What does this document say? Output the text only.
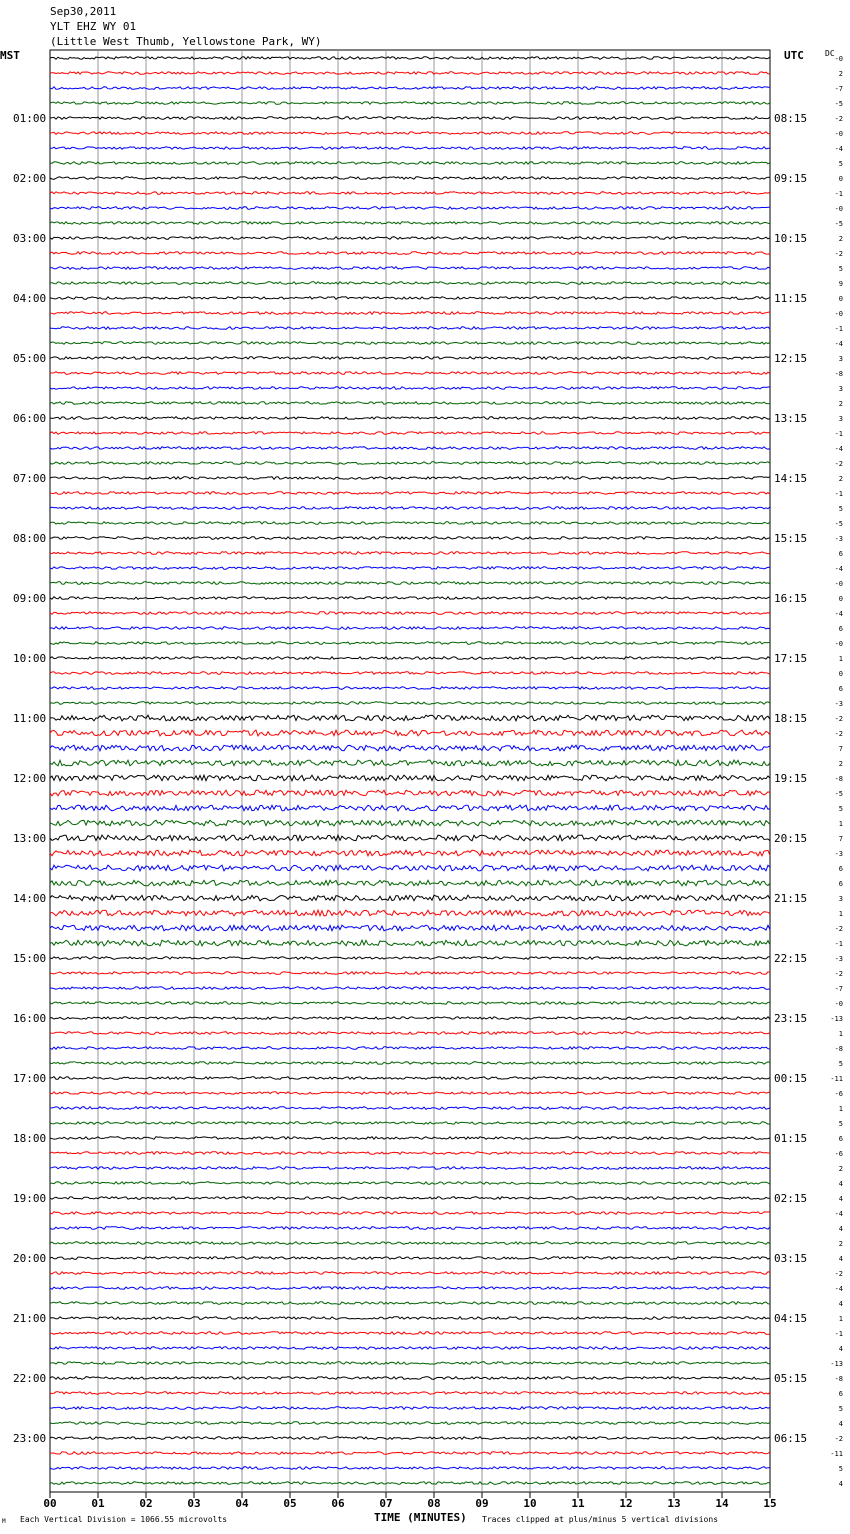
Sep30,2011
YLT EHZ WY 01
(Little West Thumb, Yellowstone Park, WY)
MST	UTC	DC
00	01	02	03	04	05	06	07	08	09	10	11	12	13	14	15
-0
2
-7
-5
-2
-0
-4
5
0
-1
-0
-5
2
-2
5
9
0
-0
-1
-4
3
-8
3
2
3
-1
-4
-2
2
-1
5
-5
-3
6
-4
-0
0
-4
6
-0
1
0
6
-3
-2
-2
7
2
-8
-5
5
1
7
-3
6
6
3
1
-2
-1
-3
-2
-7
-0
-13
1
-8
5
-11
-6
1
5
6
-6
2
4
4
-4
4
2
4
-2
-4
4
1
-1
4
-13
-8
6
5
4
-2
-11
5
4
01:00
02:00
03:00
04:00
05:00
06:00
07:00
08:00
09:00
10:00
11:00
12:00
13:00
14:00
15:00
16:00
17:00
18:00
19:00
20:00
21:00
22:00
23:00
08:15
09:15
10:15
11:15
12:15
13:15
14:15
15:15
16:15
17:15
18:15
19:15
20:15
21:15
22:15
23:15
00:15
01:15
02:15
03:15
04:15
05:15
06:15
M Each Vertical Division = 1066.55 microvolts	TIME (MINUTES) Traces clipped at plus/minus 5 vertical divisions
